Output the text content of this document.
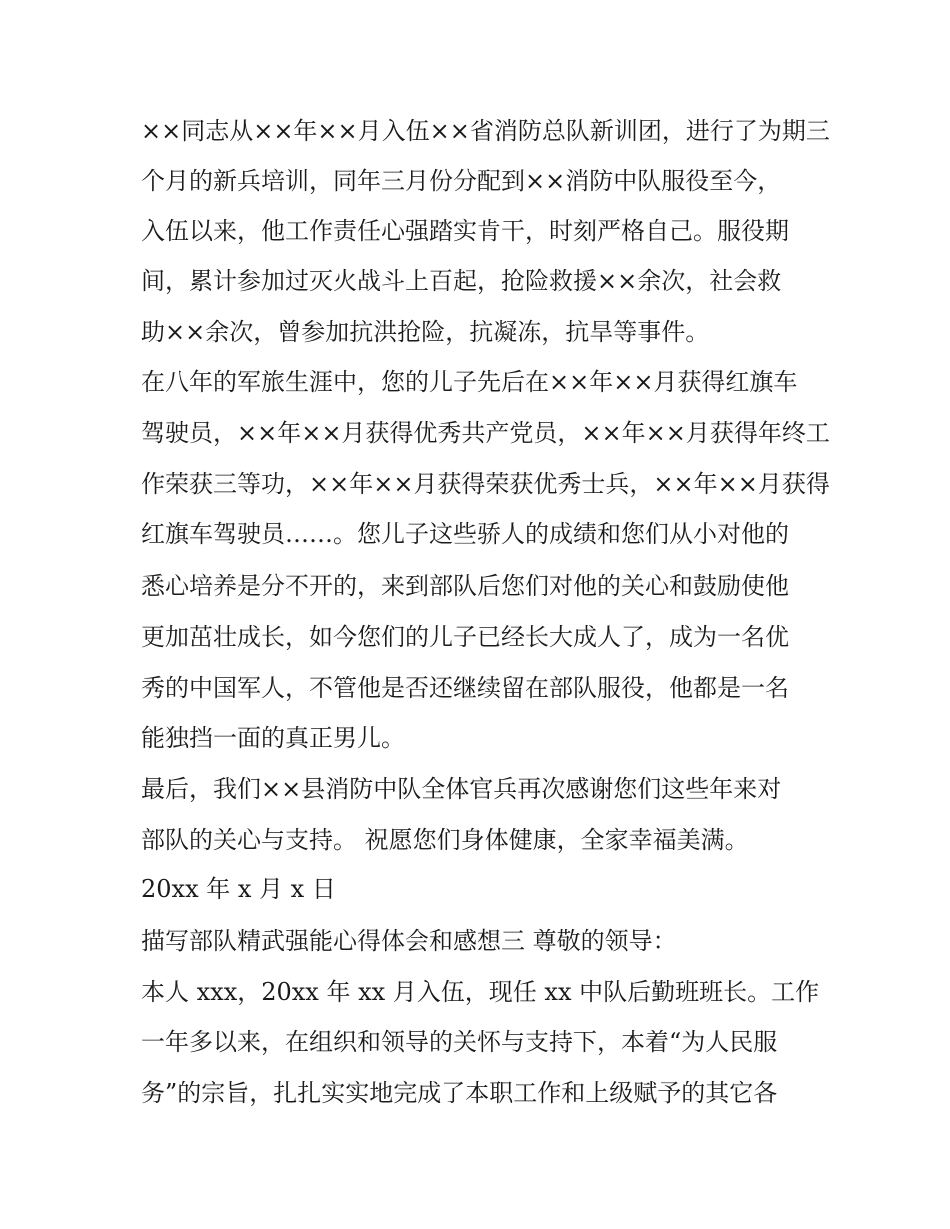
××同志从××年××月入伍××省消防总队新训团，进行了为期三
个月的新兵培训，同年三月份分配到××消防中队服役至今，
入伍以来，他工作责任心强踏实肯干，时刻严格自己。服役期
间，累计参加过灭火战斗上百起，抢险救援××余次，社会救
助××余次，曾参加抗洪抢险，抗凝冻，抗旱等事件。
在八年的军旅生涯中，您的儿子先后在××年××月获得红旗车
驾驶员，××年××月获得优秀共产党员，××年××月获得年终工
作荣获三等功，××年××月获得荣获优秀士兵，××年××月获得
红旗车驾驶员……。您儿子这些骄人的成绩和您们从小对他的
悉心培养是分不开的，来到部队后您们对他的关心和鼓励使他
更加茁壮成长，如今您们的儿子已经长大成人了，成为一名优
秀的中国军人，不管他是否还继续留在部队服役，他都是一名
能独挡一面的真正男儿。
最后，我们××县消防中队全体官兵再次感谢您们这些年来对
部队的关心与支持。 祝愿您们身体健康，全家幸福美满。
20xx 年 x 月 x 日
描写部队精武强能心得体会和感想三 尊敬的领导：
本人 xxx，20xx 年 xx 月入伍，现任 xx 中队后勤班班长。工作
一年多以来，在组织和领导的关怀与支持下，本着“为人民服
务”的宗旨，扎扎实实地完成了本职工作和上级赋予的其它各
